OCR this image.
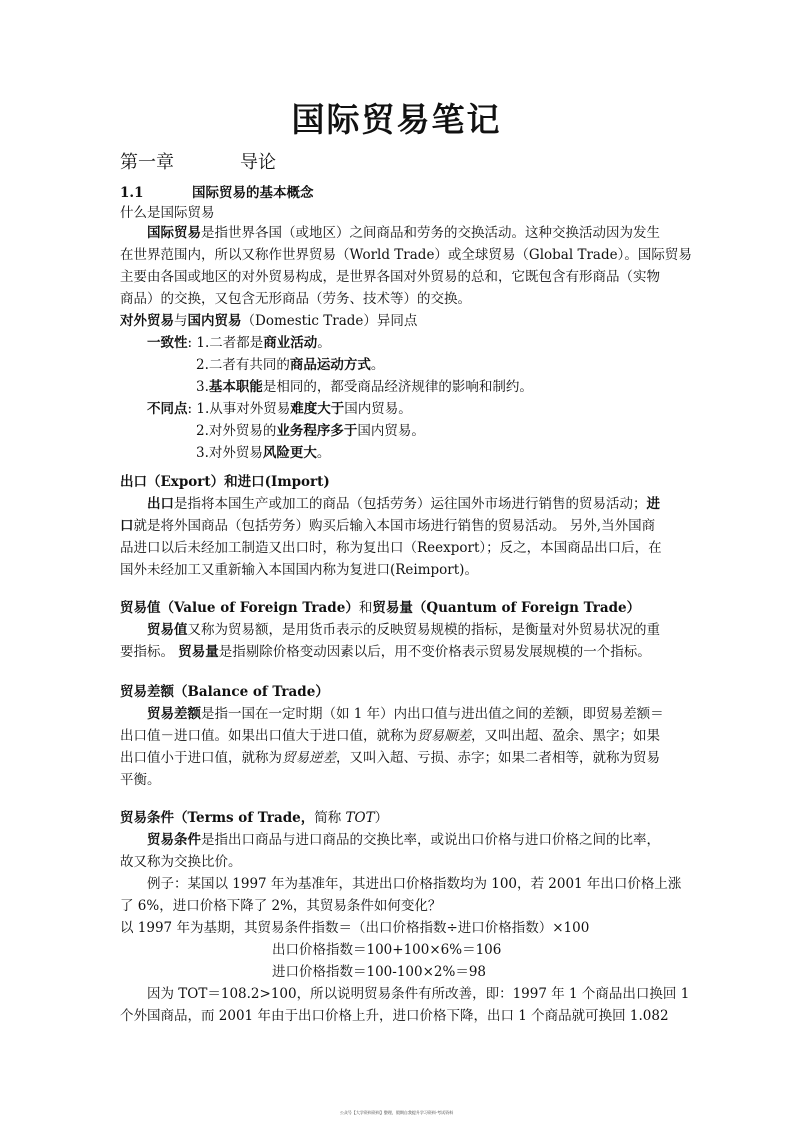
国际贸易笔记
第一章	导论
1.1	国际贸易的基本概念
什么是国际贸易
国际贸易是指世界各国（或地区）之间商品和劳务的交换活动。这种交换活动因为发生
在世界范围内，所以又称作世界贸易（World Trade）或全球贸易（Global Trade）。国际贸易
主要由各国或地区的对外贸易构成，是世界各国对外贸易的总和，它既包含有形商品（实物
商品）的交换，又包含无形商品（劳务、技术等）的交换。
对外贸易与国内贸易（Domestic Trade）异同点
一致性: 1.二者都是商业活动。
2.二者有共同的商品运动方式。
3.基本职能是相同的，都受商品经济规律的影响和制约。
不同点: 1.从事对外贸易难度大于国内贸易。
2.对外贸易的业务程序多于国内贸易。
3.对外贸易风险更大。
出口（Export）和进口(Import)
出口是指将本国生产或加工的商品（包括劳务）运往国外市场进行销售的贸易活动；进
口就是将外国商品（包括劳务）购买后输入本国市场进行销售的贸易活动。 另外,当外国商
品进口以后未经加工制造又出口时，称为复出口（Reexport）；反之，本国商品出口后，在
国外未经加工又重新输入本国国内称为复进口(Reimport)。
贸易值（Value of Foreign Trade）和贸易量（Quantum of Foreign Trade）
贸易值又称为贸易额，是用货币表示的反映贸易规模的指标，是衡量对外贸易状况的重
要指标。 贸易量是指剔除价格变动因素以后，用不变价格表示贸易发展规模的一个指标。
贸易差额（Balance of Trade）
贸易差额是指一国在一定时期（如 1 年）内出口值与进出值之间的差额，即贸易差额＝
出口值－进口值。如果出口值大于进口值，就称为贸易顺差，又叫出超、盈余、黑字；如果
出口值小于进口值，就称为贸易逆差，又叫入超、亏损、赤字；如果二者相等，就称为贸易
平衡。
贸易条件（Terms of Trade，简称 TOT）
贸易条件是指出口商品与进口商品的交换比率，或说出口价格与进口价格之间的比率，
故又称为交换比价。
例子：某国以 1997 年为基准年，其进出口价格指数均为 100，若 2001 年出口价格上涨
了 6%，进口价格下降了 2%，其贸易条件如何变化？
以 1997 年为基期，其贸易条件指数＝（出口价格指数÷进口价格指数）×100
出口价格指数＝100+100×6%＝106
进口价格指数＝100-100×2%＝98
因为 TOT＝108.2>100，所以说明贸易条件有所改善，即：1997 年 1 个商品出口换回 1
个外国商品，而 2001 年由于出口价格上升，进口价格下降，出口 1 个商品就可换回 1.082
公众号【大学资料资料】整理，假期自我提升学习资料·考试资料
